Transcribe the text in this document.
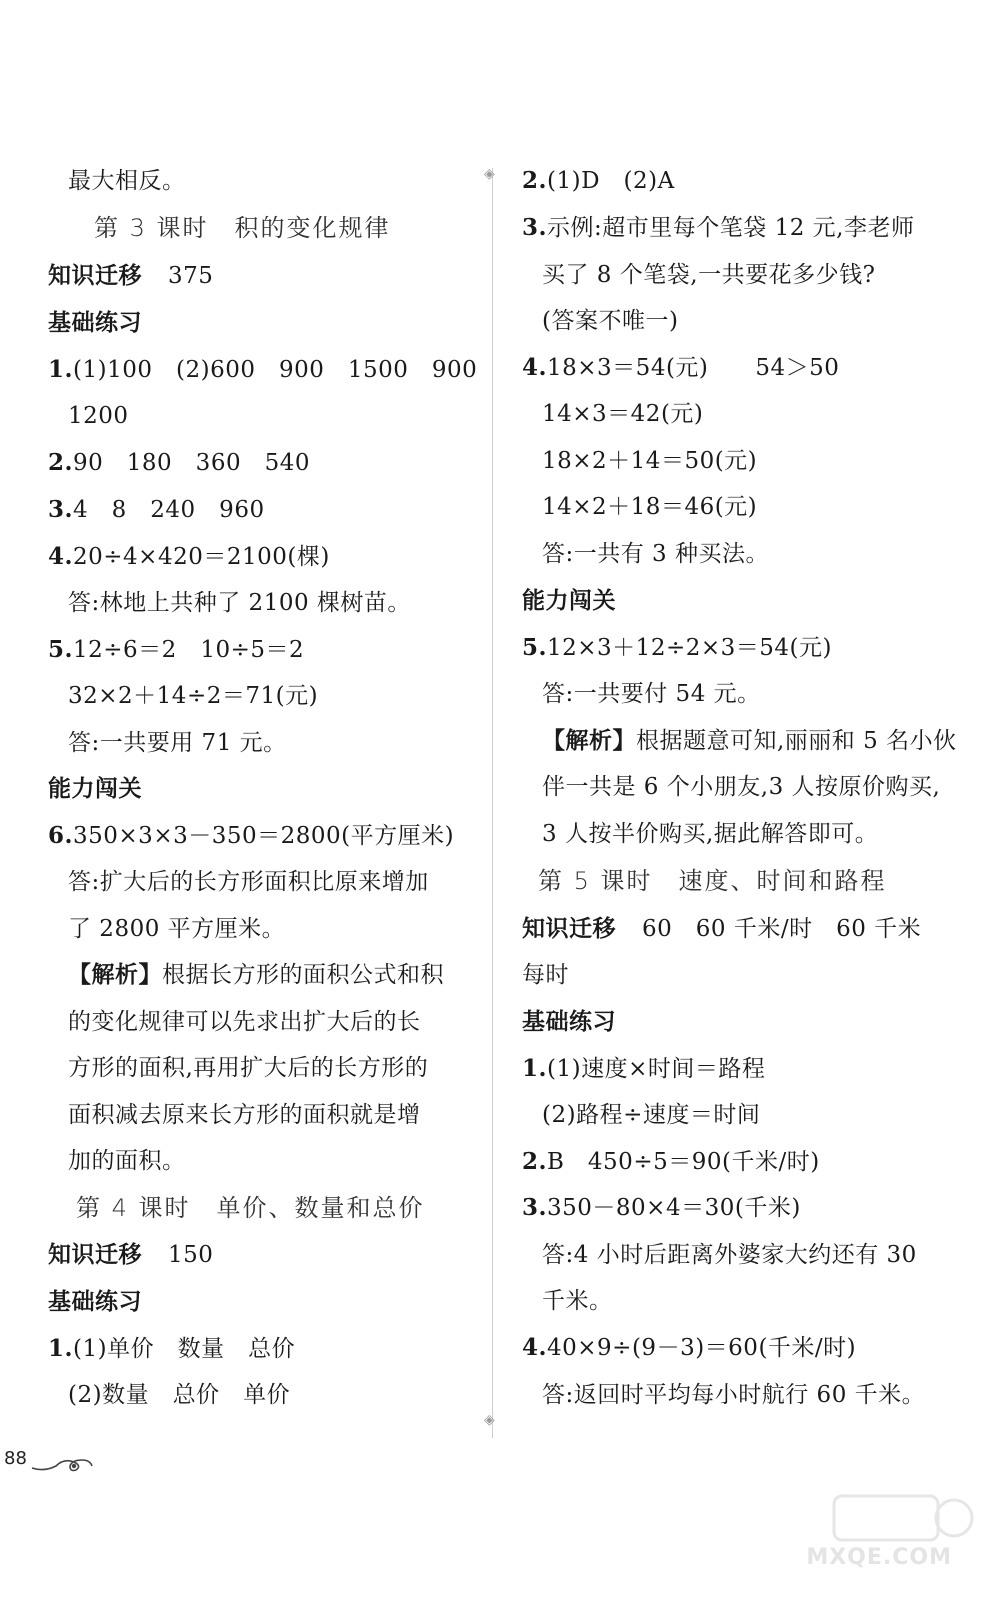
◈
◈
最大相反。
第 3 课时　积的变化规律
知识迁移 375
基础练习
1.(1)100　(2)600　900　1500　900
1200
2.90　180　360　540
3.4　8　240　960
4.20÷4×420＝2100(棵)
答:林地上共种了 2100 棵树苗。
5.12÷6＝2　10÷5＝2
32×2＋14÷2＝71(元)
答:一共要用 71 元。
能力闯关
6.350×3×3－350＝2800(平方厘米)
答:扩大后的长方形面积比原来增加
了 2800 平方厘米。
【解析】根据长方形的面积公式和积
的变化规律可以先求出扩大后的长
方形的面积,再用扩大后的长方形的
面积减去原来长方形的面积就是增
加的面积。
第 4 课时　单价、数量和总价
知识迁移 150
基础练习
1.(1)单价　数量　总价
(2)数量　总价　单价
2.(1)D　(2)A
3.示例:超市里每个笔袋 12 元,李老师
买了 8 个笔袋,一共要花多少钱?
(答案不唯一)
4.18×3＝54(元)　　54＞50
14×3＝42(元)
18×2＋14＝50(元)
14×2＋18＝46(元)
答:一共有 3 种买法。
能力闯关
5.12×3＋12÷2×3＝54(元)
答:一共要付 54 元。
【解析】根据题意可知,丽丽和 5 名小伙
伴一共是 6 个小朋友,3 人按原价购买,
3 人按半价购买,据此解答即可。
第 5 课时　速度、时间和路程
知识迁移 60　60 千米/时　60 千米
每时
基础练习
1.(1)速度×时间＝路程
(2)路程÷速度＝时间
2.B　450÷5＝90(千米/时)
3.350－80×4＝30(千米)
答:4 小时后距离外婆家大约还有 30
千米。
4.40×9÷(9－3)＝60(千米/时)
答:返回时平均每小时航行 60 千米。
88
MXQE.COM
